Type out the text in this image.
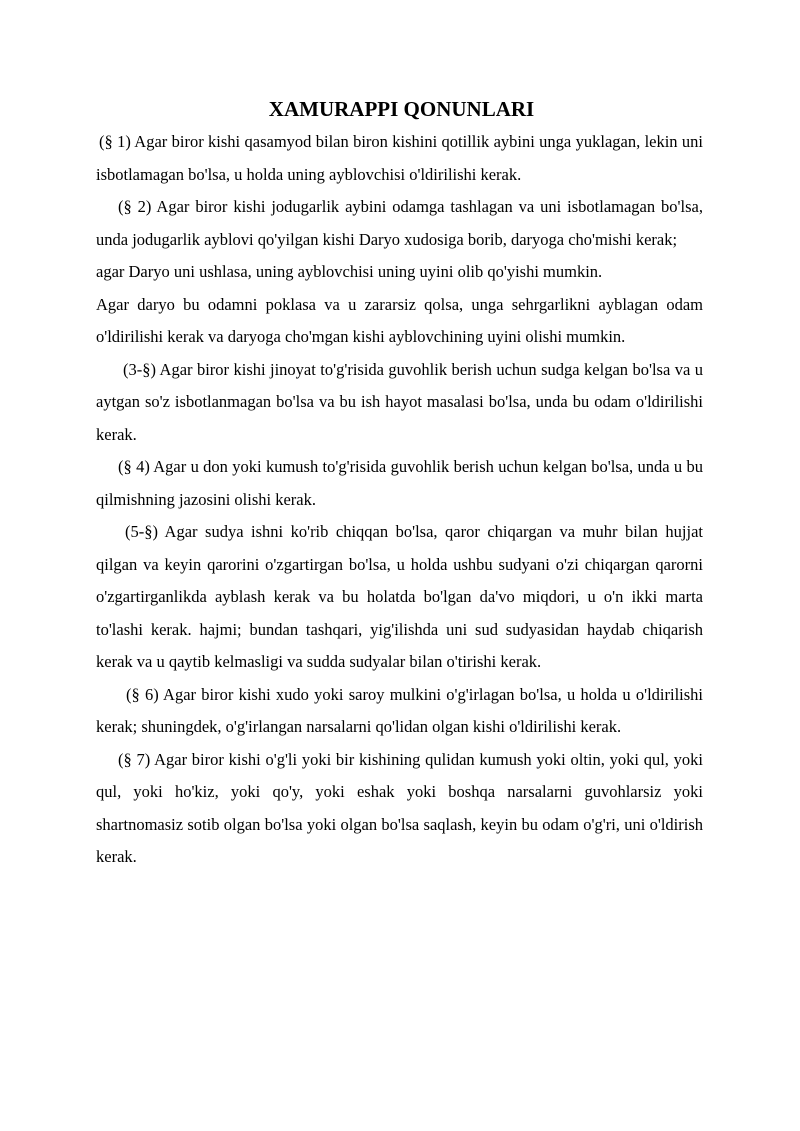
XAMURAPPI QONUNLARI

(§ 1) Agar biror kishi qasamyod bilan biron kishini qotillik aybini unga yuklagan, lekin uni isbotlamagan bo'lsa, u holda uning ayblovchisi o'ldirilishi kerak.

(§ 2) Agar biror kishi jodugarlik aybini odamga tashlagan va uni isbotlamagan bo'lsa, unda jodugarlik ayblovi qo'yilgan kishi Daryo xudosiga borib, daryoga cho'mishi kerak;

agar Daryo uni ushlasa, uning ayblovchisi uning uyini olib qo'yishi mumkin.

Agar daryo bu odamni poklasa va u zararsiz qolsa, unga sehrgarlikni ayblagan odam o'ldirilishi kerak va daryoga cho'mgan kishi ayblovchining uyini olishi mumkin.

(3-§) Agar biror kishi jinoyat to'g'risida guvohlik berish uchun sudga kelgan bo'lsa va u aytgan so'z isbotlanmagan bo'lsa va bu ish hayot masalasi bo'lsa, unda bu odam o'ldirilishi kerak.

(§ 4) Agar u don yoki kumush to'g'risida guvohlik berish uchun kelgan bo'lsa, unda u bu qilmishning jazosini olishi kerak.

(5-§) Agar sudya ishni ko'rib chiqqan bo'lsa, qaror chiqargan va muhr bilan hujjat qilgan va keyin qarorini o'zgartirgan bo'lsa, u holda ushbu sudyani o'zi chiqargan qarorni o'zgartirganlikda ayblash kerak va bu holatda bo'lgan da'vo miqdori, u o'n ikki marta to'lashi kerak. hajmi; bundan tashqari, yig'ilishda uni sud sudyasidan haydab chiqarish kerak va u qaytib kelmasligi va sudda sudyalar bilan o'tirishi kerak.

(§ 6) Agar biror kishi xudo yoki saroy mulkini o'g'irlagan bo'lsa, u holda u o'ldirilishi kerak; shuningdek, o'g'irlangan narsalarni qo'lidan olgan kishi o'ldirilishi kerak.

(§ 7) Agar biror kishi o'g'li yoki bir kishining qulidan kumush yoki oltin, yoki qul, yoki qul, yoki ho'kiz, yoki qo'y, yoki eshak yoki boshqa narsalarni guvohlarsiz yoki shartnomasiz sotib olgan bo'lsa yoki olgan bo'lsa saqlash, keyin bu odam o'g'ri, uni o'ldirish kerak.
